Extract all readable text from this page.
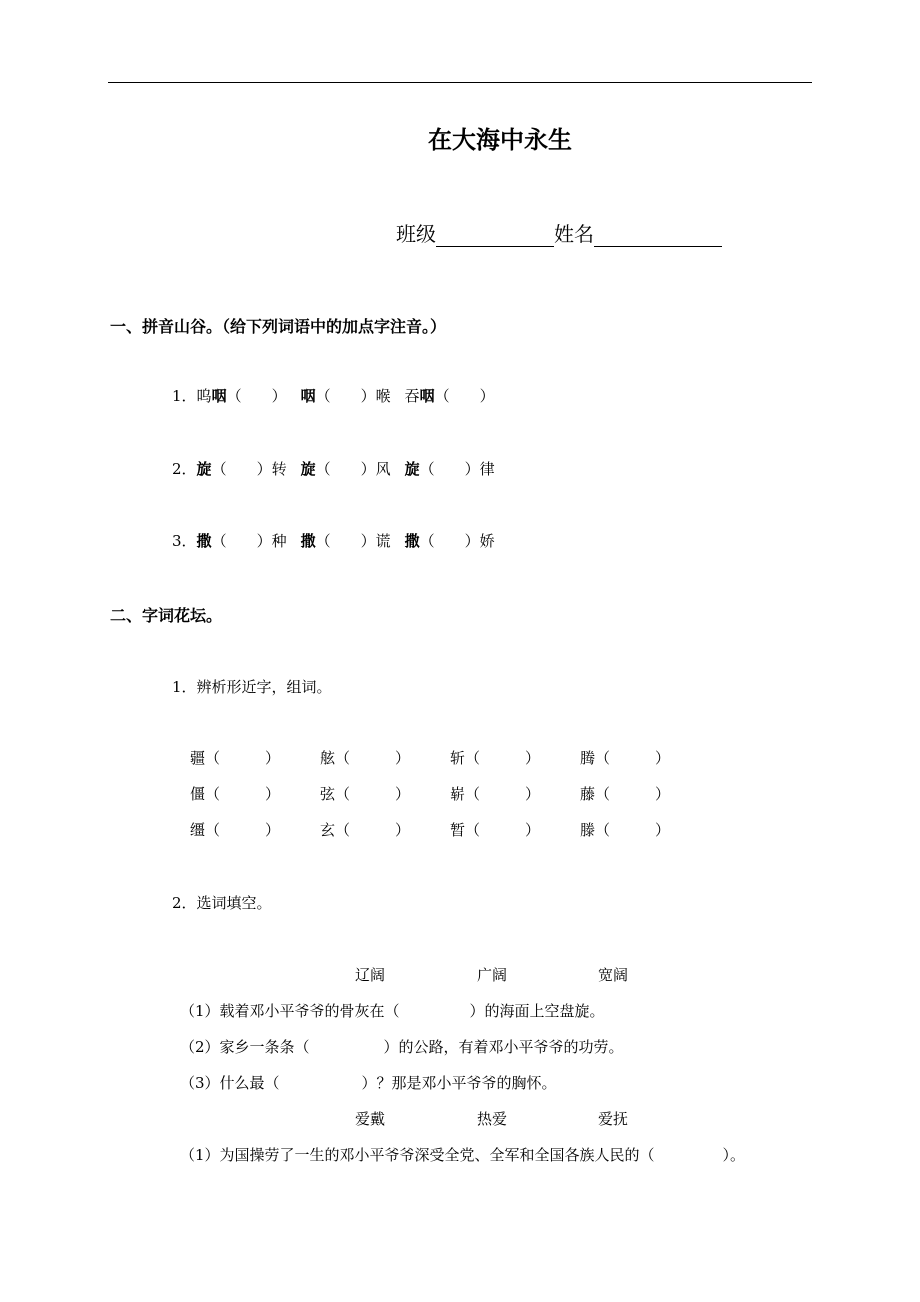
在大海中永生
班级	姓名
一、拼音山谷。（给下列词语中的加点字注音。）
1．呜咽（　　） 咽（　　）喉 吞咽（　　）
2．旋（　　）转 旋（　　）风 旋（　　）律
3．撒（　　）种 撒（　　）谎 撒（　　）娇
二、字词花坛。
1．辨析形近字，组词。
疆（　　　）	舷（　　　）	斩（　　　）	腾（　　　）
僵（　　　）	弦（　　　）	崭（　　　）	藤（　　　）
缰（　　　）	玄（　　　）	暂（　　　）	滕（　　　）
2．选词填空。
辽阔	广阔	宽阔
（1）载着邓小平爷爷的骨灰在（	）的海面上空盘旋。
（2）家乡一条条（	）的公路，有着邓小平爷爷的功劳。
（3）什么最（	）？那是邓小平爷爷的胸怀。
爱戴	热爱	爱抚
（1）为国操劳了一生的邓小平爷爷深受全党、全军和全国各族人民的（	）。
